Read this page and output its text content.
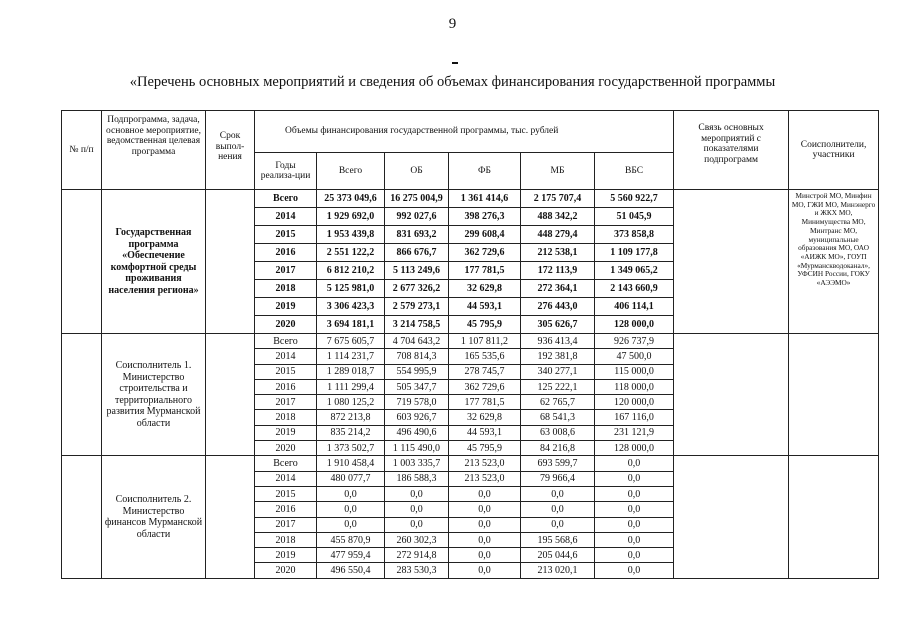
9
«Перечень основных мероприятий и сведения об объемах финансирования государственной программы
№ п/п	Подпрограмма, задача, основное мероприятие, ведомственная целевая программа	Срок выпол-нения	Объемы финансирования государственной программы, тыс. рублей						Связь основных мероприятий с показателями подпрограмм	Соисполнители, участники
			Годы реализа-ции	Всего	ОБ	ФБ	МБ	ВБС		
	Государственная программа «Обеспечение комфортной среды проживания населения региона»		Всего	25 373 049,6	16 275 004,9	1 361 414,6	2 175 707,4	5 560 922,7		Минстрой МО, Минфин МО, ГЖИ МО, Минэнерго и ЖКХ МО, Минимущества МО, Минтранс МО, муниципальные образования МО, ОАО «АИЖК МО», ГОУП «Мурманскводоканал», УФСИН России, ГОКУ «АЭЭМО»
			2014	1 929 692,0	992 027,6	398 276,3	488 342,2	51 045,9		
			2015	1 953 439,8	831 693,2	299 608,4	448 279,4	373 858,8		
			2016	2 551 122,2	866 676,7	362 729,6	212 538,1	1 109 177,8		
			2017	6 812 210,2	5 113 249,6	177 781,5	172 113,9	1 349 065,2		
			2018	5 125 981,0	2 677 326,2	32 629,8	272 364,1	2 143 660,9		
			2019	3 306 423,3	2 579 273,1	44 593,1	276 443,0	406 114,1		
			2020	3 694 181,1	3 214 758,5	45 795,9	305 626,7	128 000,0		
	Соисполнитель 1. Министерство строительства и территориального развития Мурманской области		Всего	7 675 605,7	4 704 643,2	1 107 811,2	936 413,4	926 737,9		
			2014	1 114 231,7	708 814,3	165 535,6	192 381,8	47 500,0		
			2015	1 289 018,7	554 995,9	278 745,7	340 277,1	115 000,0		
			2016	1 111 299,4	505 347,7	362 729,6	125 222,1	118 000,0		
			2017	1 080 125,2	719 578,0	177 781,5	62 765,7	120 000,0		
			2018	872 213,8	603 926,7	32 629,8	68 541,3	167 116,0		
			2019	835 214,2	496 490,6	44 593,1	63 008,6	231 121,9		
			2020	1 373 502,7	1 115 490,0	45 795,9	84 216,8	128 000,0		
	Соисполнитель 2. Министерство финансов Мурманской области		Всего	1 910 458,4	1 003 335,7	213 523,0	693 599,7	0,0		
			2014	480 077,7	186 588,3	213 523,0	79 966,4	0,0		
			2015	0,0	0,0	0,0	0,0	0,0		
			2016	0,0	0,0	0,0	0,0	0,0		
			2017	0,0	0,0	0,0	0,0	0,0		
			2018	455 870,9	260 302,3	0,0	195 568,6	0,0		
			2019	477 959,4	272 914,8	0,0	205 044,6	0,0		
			2020	496 550,4	283 530,3	0,0	213 020,1	0,0		
